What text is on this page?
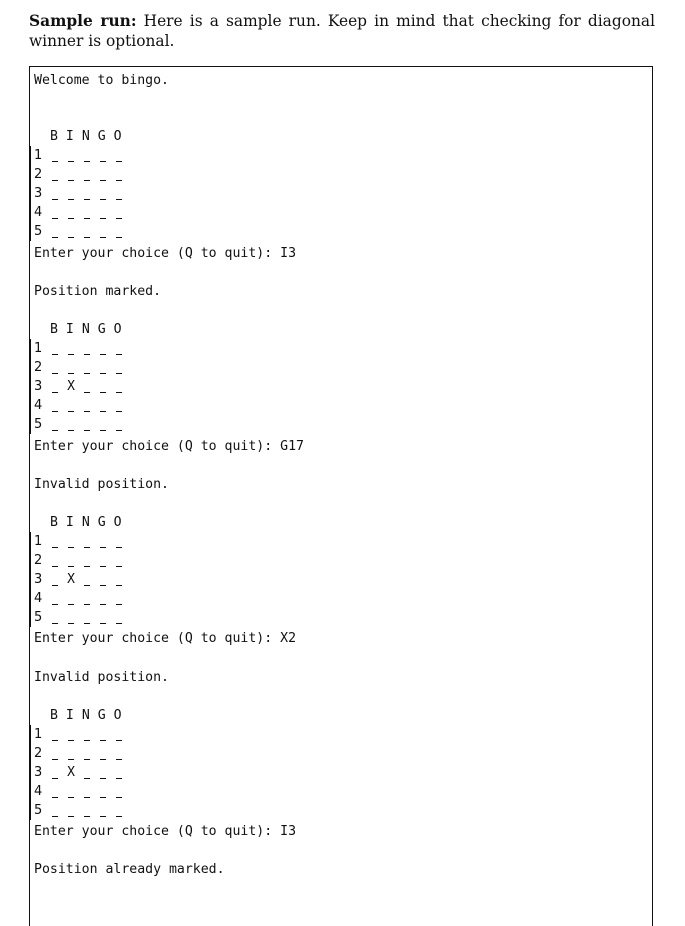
Sample run: Here is a sample run. Keep in mind that checking for diagonal winner is optional.
Welcome to bingo.
B I N G O
1
2
3
4
5
Enter your choice (Q to quit): I3
Position marked.
B I N G O
1
2
3 X
4
5
Enter your choice (Q to quit): G17
Invalid position.
B I N G O
1
2
3 X
4
5
Enter your choice (Q to quit): X2
Invalid position.
B I N G O
1
2
3 X
4
5
Enter your choice (Q to quit): I3
Position already marked.
